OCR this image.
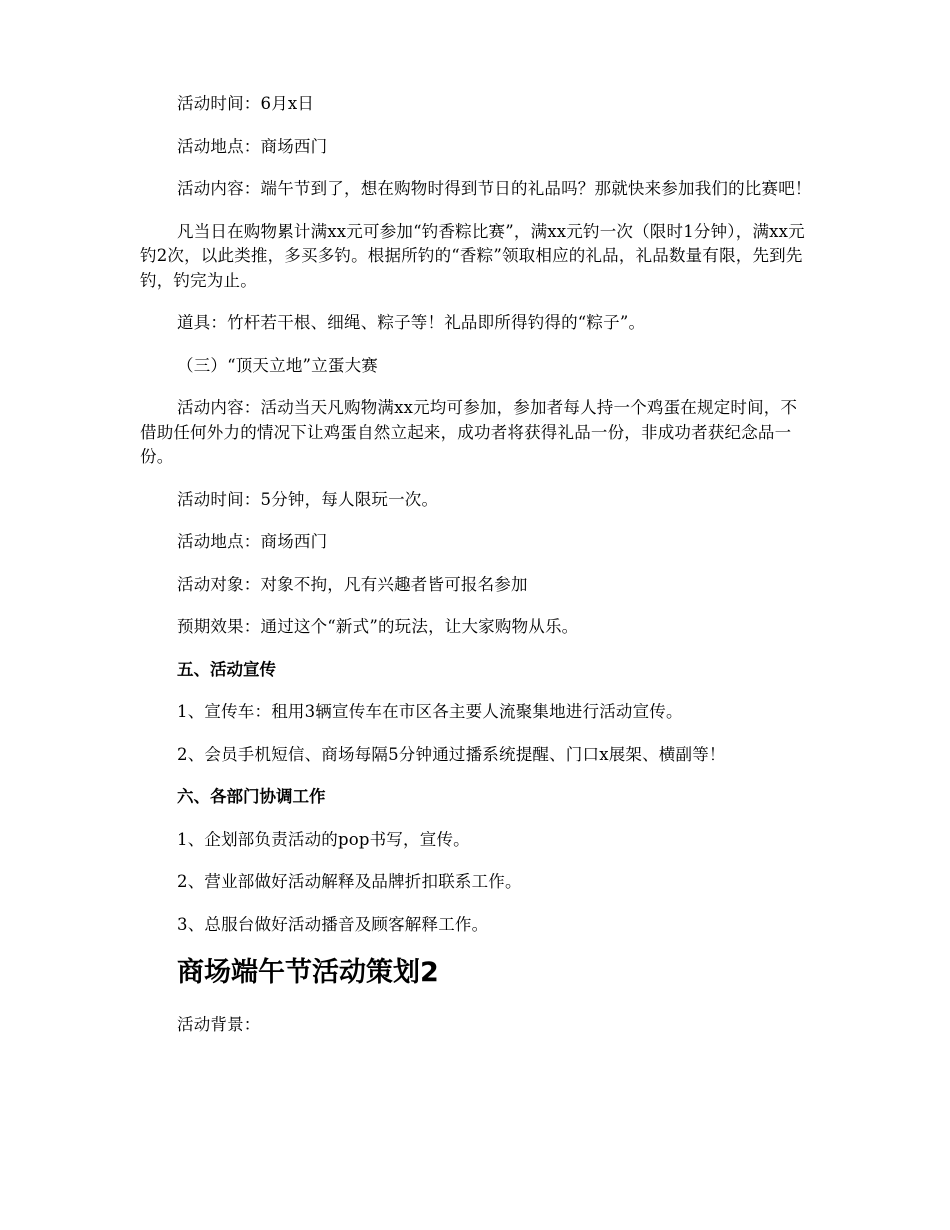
活动时间：6月x日

活动地点：商场西门

活动内容：端午节到了，想在购物时得到节日的礼品吗？那就快来参加我们的比赛吧！

凡当日在购物累计满xx元可参加“钓香粽比赛”，满xx元钓一次（限时1分钟），满xx元钓2次，以此类推，多买多钓。根据所钓的“香粽”领取相应的礼品，礼品数量有限，先到先钓，钓完为止。

道具：竹杆若干根、细绳、粽子等！礼品即所得钓得的“粽子”。

（三）“顶天立地”立蛋大赛

活动内容：活动当天凡购物满xx元均可参加，参加者每人持一个鸡蛋在规定时间，不借助任何外力的情况下让鸡蛋自然立起来，成功者将获得礼品一份，非成功者获纪念品一份。

活动时间：5分钟，每人限玩一次。

活动地点：商场西门

活动对象：对象不拘，凡有兴趣者皆可报名参加

预期效果：通过这个“新式”的玩法，让大家购物从乐。

五、活动宣传

1、宣传车：租用3辆宣传车在市区各主要人流聚集地进行活动宣传。

2、会员手机短信、商场每隔5分钟通过播系统提醒、门口x展架、横副等！

六、各部门协调工作

1、企划部负责活动的pop书写，宣传。

2、营业部做好活动解释及品牌折扣联系工作。

3、总服台做好活动播音及顾客解释工作。

商场端午节活动策划2

活动背景：
